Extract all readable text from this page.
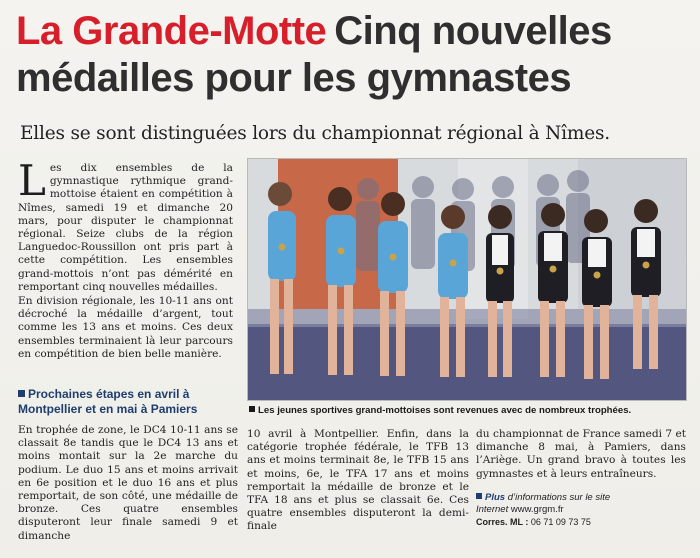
La Grande-Motte Cinq nouvelles
médailles pour les gymnastes
Elles se sont distinguées lors du championnat régional à Nîmes.
L es dix ensembles de la gymnastique rythmique grand-mottoise étaient en compétition à Nîmes, samedi 19 et dimanche 20 mars, pour disputer le championnat régional. Seize clubs de la région Languedoc-Roussillon ont pris part à cette compétition. Les ensembles grand-mottois n’ont pas démérité en remportant cinq nouvelles médailles.

En division régionale, les 10-11 ans ont décroché la médaille d’argent, tout comme les 13 ans et moins. Ces deux ensembles terminaient là leur parcours en compétition de bien belle manière.

Prochaines étapes en avril à Montpellier et en mai à Pamiers
En trophée de zone, le DC4 10-11 ans se classait 8e tandis que le DC4 13 ans et moins montait sur la 2e marche du podium. Le duo 15 ans et moins arrivait en 6e position et le duo 16 ans et plus remportait, de son côté, une médaille de bronze. Ces quatre ensembles disputeront leur finale samedi 9 et dimanche
10 avril à Montpellier. Enfin, dans la catégorie trophée fédérale, le TFB 13 ans et moins terminait 8e, le TFB 15 ans et moins, 6e, le TFA 17 ans et moins remportait la médaille de bronze et le TFA 18 ans et plus se classait 6e. Ces quatre ensembles disputeront la demi-finale
du championnat de France samedi 7 et dimanche 8 mai, à Pamiers, dans l’Ariège. Un grand bravo à toutes les gymnastes et à leurs entraîneurs.
Les jeunes sportives grand-mottoises sont revenues avec de nombreux trophées.
Plus d’informations sur le site
Internet www.grgm.fr
Corres. ML : 06 71 09 73 75
